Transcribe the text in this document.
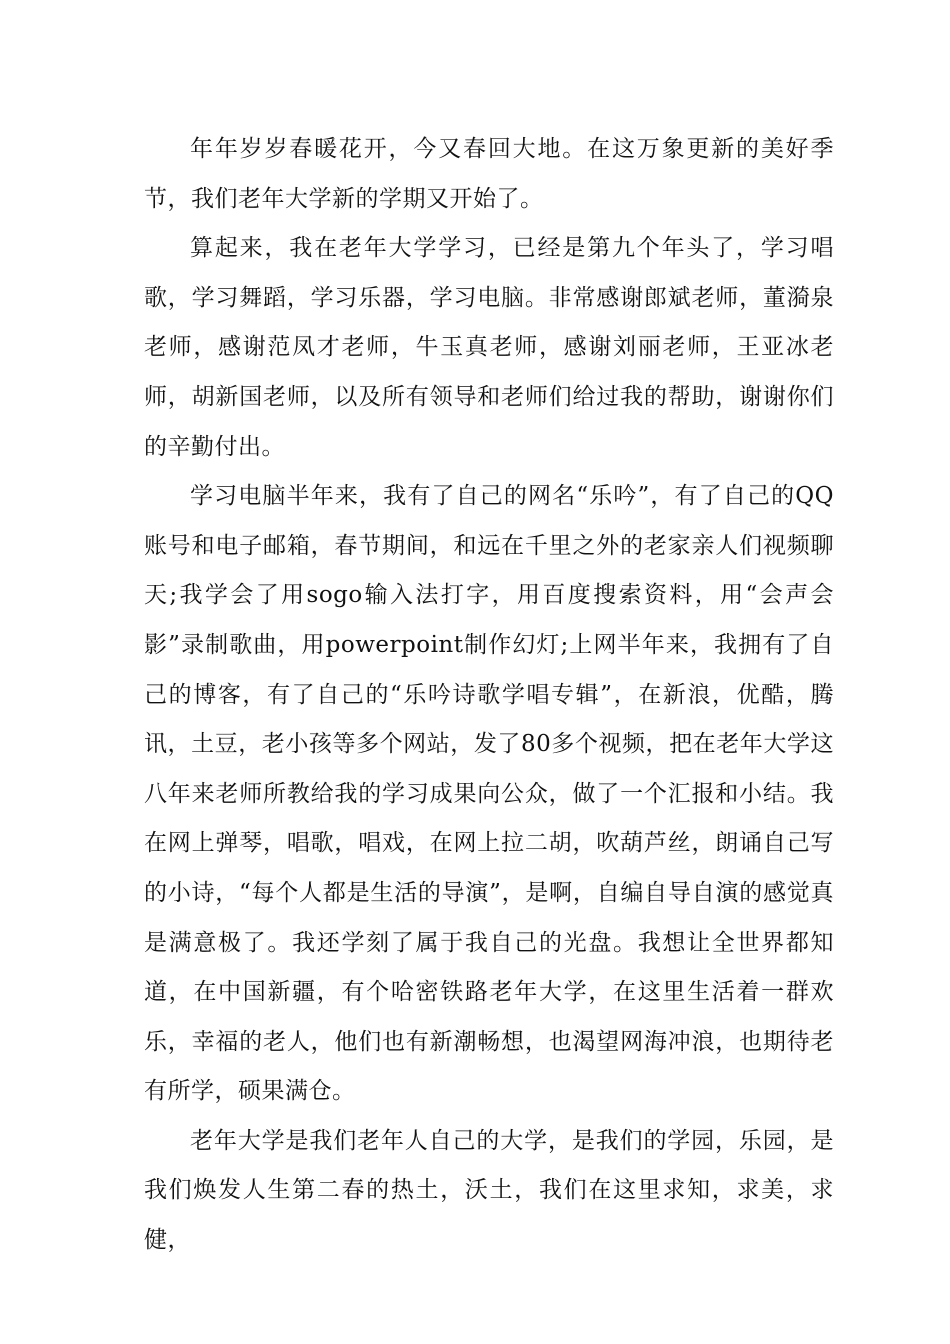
年年岁岁春暖花开，今又春回大地。在这万象更新的美好季节，我们老年大学新的学期又开始了。

算起来，我在老年大学学习，已经是第九个年头了，学习唱歌，学习舞蹈，学习乐器，学习电脑。非常感谢郎斌老师，董漪泉老师，感谢范凤才老师，牛玉真老师，感谢刘丽老师，王亚冰老师，胡新国老师，以及所有领导和老师们给过我的帮助，谢谢你们的辛勤付出。

学习电脑半年来，我有了自己的网名“乐吟”，有了自己的QQ账号和电子邮箱，春节期间，和远在千里之外的老家亲人们视频聊天;我学会了用sogo输入法打字，用百度搜索资料，用“会声会影”录制歌曲，用powerpoint制作幻灯;上网半年来，我拥有了自己的博客，有了自己的“乐吟诗歌学唱专辑”，在新浪，优酷，腾讯，土豆，老小孩等多个网站，发了80多个视频，把在老年大学这八年来老师所教给我的学习成果向公众，做了一个汇报和小结。我在网上弹琴，唱歌，唱戏，在网上拉二胡，吹葫芦丝，朗诵自己写的小诗，“每个人都是生活的导演”，是啊，自编自导自演的感觉真是满意极了。我还学刻了属于我自己的光盘。我想让全世界都知道，在中国新疆，有个哈密铁路老年大学，在这里生活着一群欢乐，幸福的老人，他们也有新潮畅想，也渴望网海冲浪，也期待老有所学，硕果满仓。

老年大学是我们老年人自己的大学，是我们的学园，乐园，是我们焕发人生第二春的热土，沃土，我们在这里求知，求美，求健，
